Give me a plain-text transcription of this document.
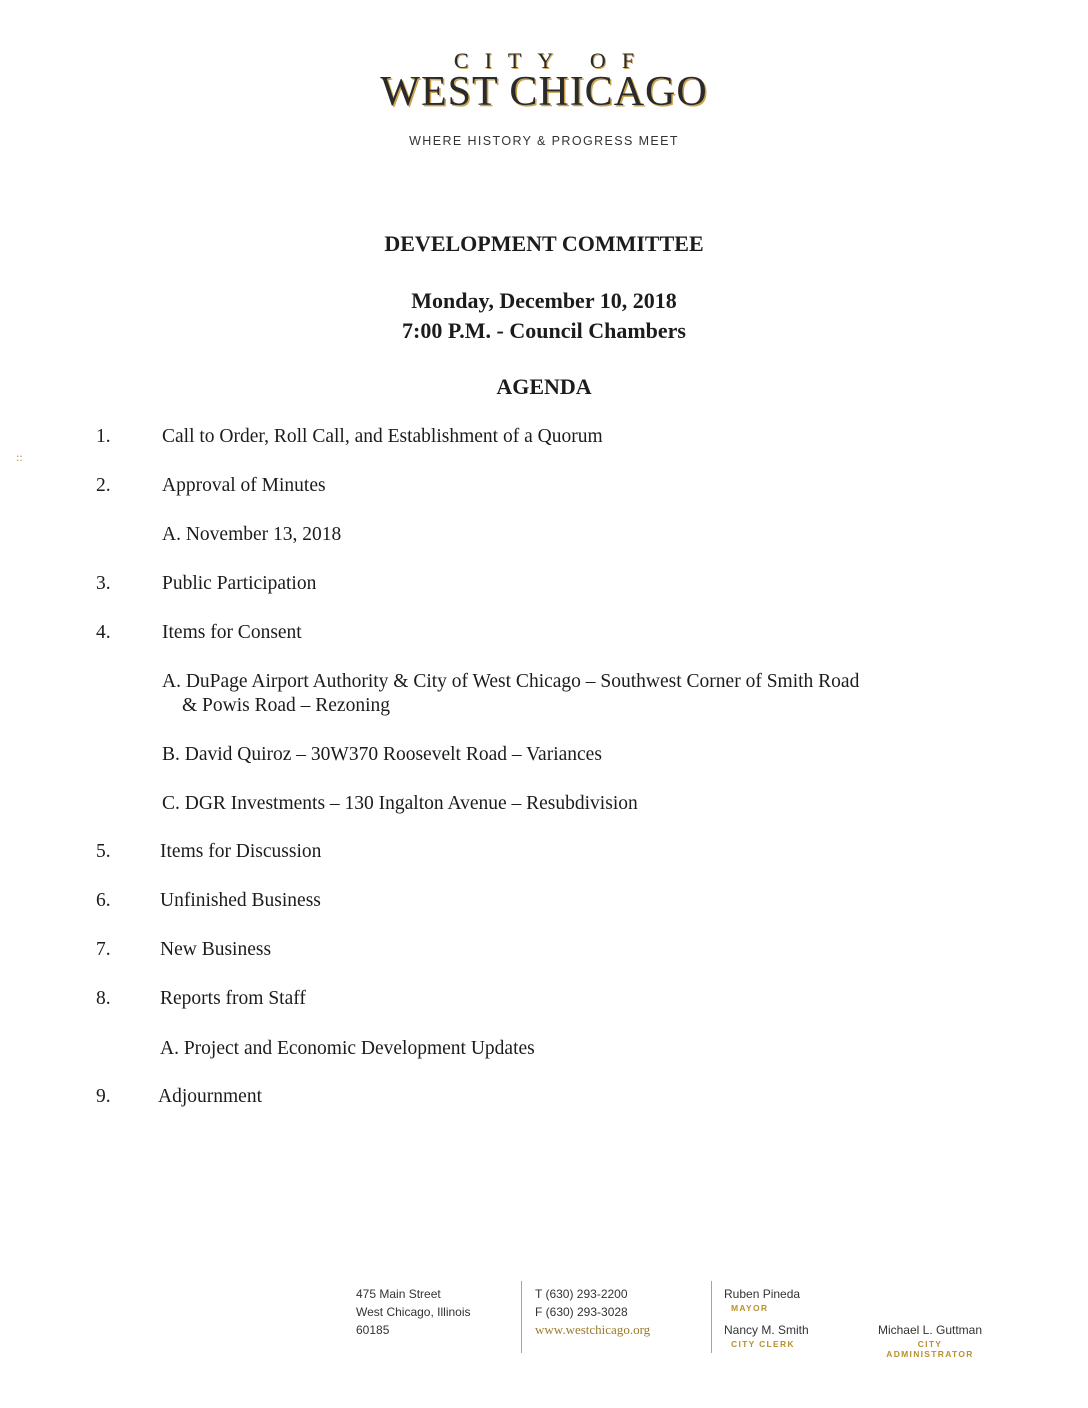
CITY OF
WEST CHICAGO
WHERE HISTORY & PROGRESS MEET
DEVELOPMENT COMMITTEE
Monday, December 10, 2018
7:00 P.M. - Council Chambers
AGENDA
::
1.	Call to Order, Roll Call, and Establishment of a Quorum
2.	Approval of Minutes
A. November 13, 2018
3.	Public Participation
4.	Items for Consent
A. DuPage Airport Authority & City of West Chicago – Southwest Corner of Smith Road
& Powis Road – Rezoning
B. David Quiroz – 30W370 Roosevelt Road – Variances
C. DGR Investments – 130 Ingalton Avenue – Resubdivision
5.	Items for Discussion
6.	Unfinished Business
7.	New Business
8.	Reports from Staff
A. Project and Economic Development Updates
9. Adjournment
475 Main Street
West Chicago, Illinois
60185
T (630) 293-2200
F (630) 293-3028
www.westchicago.org
Ruben Pineda
MAYOR
Nancy M. Smith
CITY CLERK
Michael L. Guttman
CITY ADMINISTRATOR
